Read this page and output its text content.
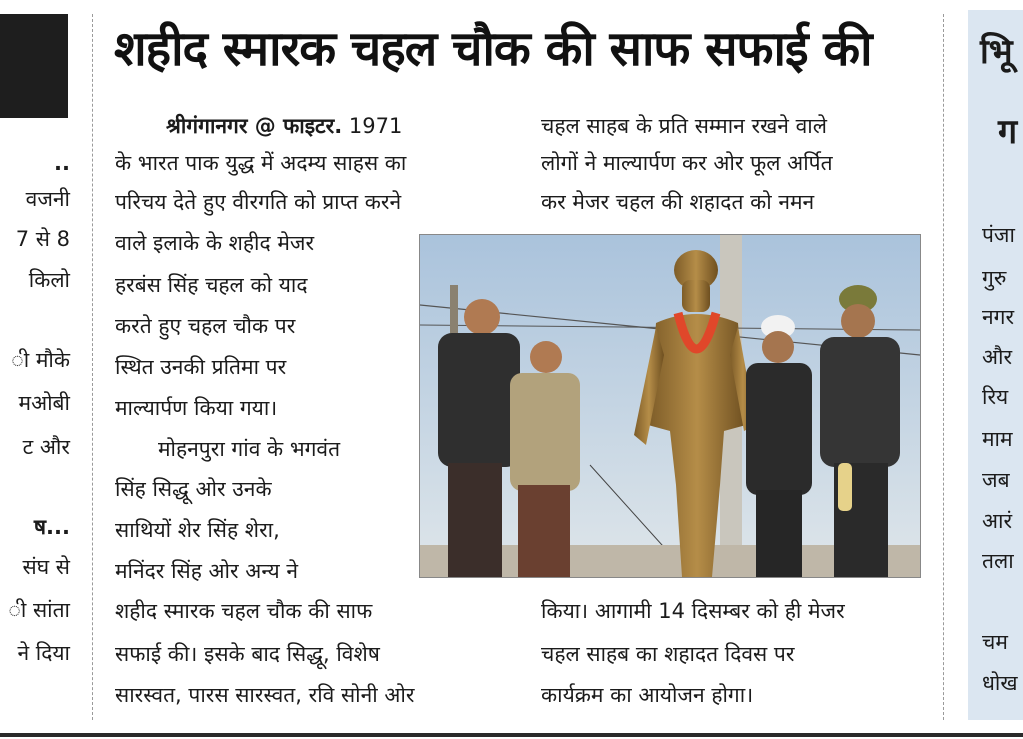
..
वजनी
7 से 8
किलो
ी मौके
मओबी
ट और
ष...
संघ से
ी सांता
ने दिया
शहीद स्मारक चहल चौक की साफ सफाई की
श्रीगंगानगर @ फाइटर. 1971
के भारत पाक युद्ध में अदम्य साहस का
परिचय देते हुए वीरगति को प्राप्त करने
वाले इलाके के शहीद मेजर
हरबंस सिंह चहल को याद
करते हुए चहल चौक पर
स्थित उनकी प्रतिमा पर
माल्यार्पण किया गया।
मोहनपुरा गांव के भगवंत
सिंह सिद्धू ओर उनके
साथियों शेर सिंह शेरा,
मनिंदर सिंह ओर अन्य ने
शहीद स्मारक चहल चौक की साफ
सफाई की। इसके बाद सिद्धू, विशेष
सारस्वत, पारस सारस्वत, रवि सोनी ओर
चहल साहब के प्रति सम्मान रखने वाले
लोगों ने माल्यार्पण कर ओर फूल अर्पित
कर मेजर चहल की शहादत को नमन
किया। आगामी 14 दिसम्बर को ही मेजर
चहल साहब का शहादत दिवस पर
कार्यक्रम का आयोजन होगा।
भूि
ग
पंजा
गुरु
नगर
और
रिय
माम
जब
आरं
तला
चम
धोख
